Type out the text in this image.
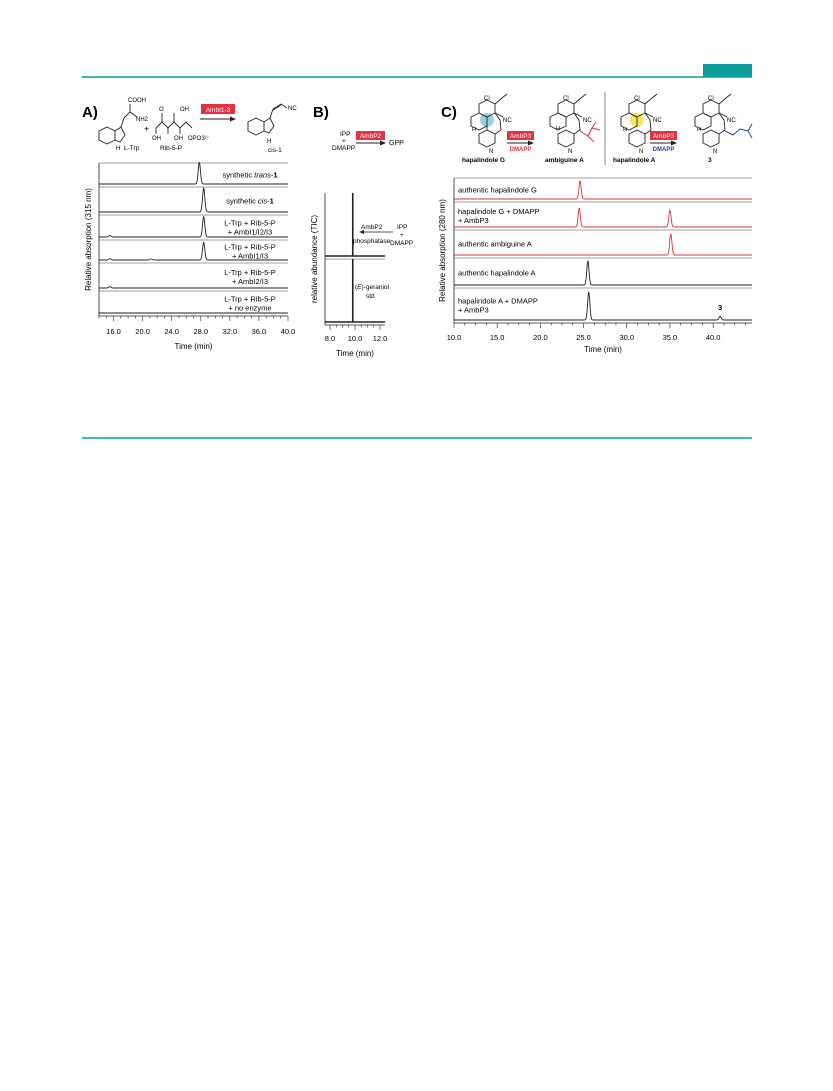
A)
COOH
NH2
H L-Trp
+
O	OH
OH OH OPO3²⁻
Rib-5-P
AmbI1-3	NC
H
cis-1
B)
IPP
+
DMAPP
AmbP2
GPP
C)
Cl
NC
H
N
hapalindole G
AmbP3
DMAPP
Cl
NC
H
N
ambiguine A
Cl
NC
H
N
hapalindole A
AmbP3
DMAPP
Cl
NC
H
N
3
16.0 20.0 24.0 28.0 32.0 36.0 40.0
Time (min)
Relative absorption (315 nm)
synthetic trans-1
synthetic cis-1
L-Trp + Rib-5-P
+ AmbI1/I2/I3
L-Trp + Rib-5-P
+ AmbI1/I3
L-Trp + Rib-5-P
+ AmbI2/I3
L-Trp + Rib-5-P
+ no enzyme
8.0 10.0 12.0
Time (min)
relative abundance (TIC)
10.0	15.0	20.0	25.0	30.0	35.0	40.0
Time (min)
Relative absorption (280 nm)
authentic hapalindole G
hapalindole G + DMAPP
+ AmbP3
authentic ambiguine A
authentic hapalindole A
hapalindole A + DMAPP
+ AmbP3	3
AmbP2
phosphatase
IPP
+
DMAPP
(E)-geraniol
std
